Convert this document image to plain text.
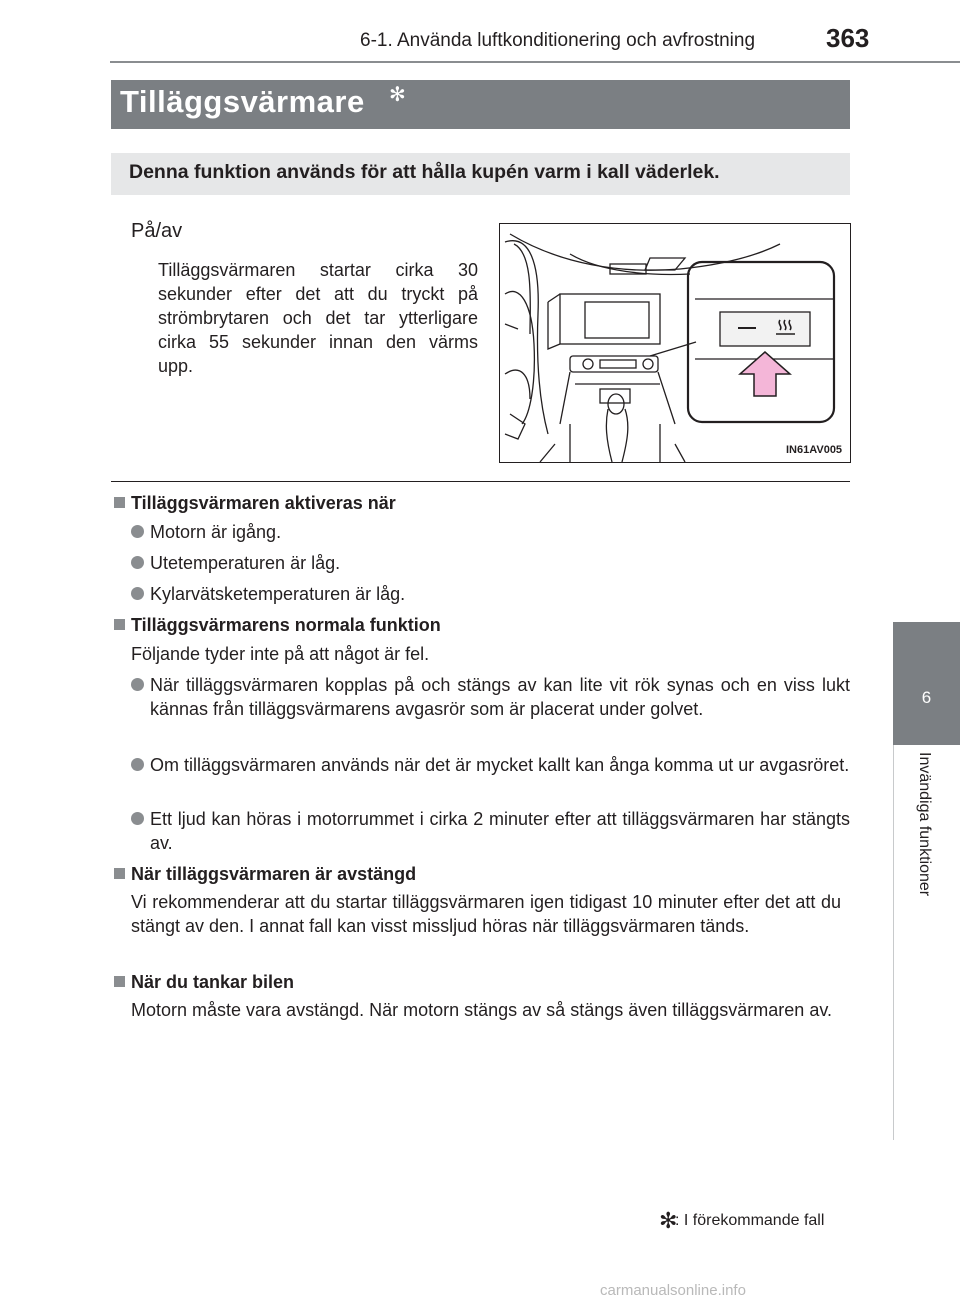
6-1. Använda luftkonditionering och avfrostning	363
6
Invändiga funktioner
Tilläggsvärmare ✻
Denna funktion används för att hålla kupén varm i kall väderlek.
På/av
Tilläggsvärmaren startar cirka 30 sekunder efter det att du tryckt på strömbrytaren och det tar ytterligare cirka 55 sekunder innan den värms upp.
IN61AV005
Tilläggsvärmaren aktiveras när
Motorn är igång.
Utetemperaturen är låg.
Kylarvätsketemperaturen är låg.
Tilläggsvärmarens normala funktion
Följande tyder inte på att något är fel.
När tilläggsvärmaren kopplas på och stängs av kan lite vit rök synas och en viss lukt kännas från tilläggsvärmarens avgasrör som är placerat under golvet.
Om tilläggsvärmaren används när det är mycket kallt kan ånga komma ut ur avgasröret.
Ett ljud kan höras i motorrummet i cirka 2 minuter efter att tilläggsvärmaren har stängts av.
När tilläggsvärmaren är avstängd
Vi rekommenderar att du startar tilläggsvärmaren igen tidigast 10 minuter efter det att du stängt av den. I annat fall kan visst missljud höras när tilläggsvärmaren tänds.
När du tankar bilen
Motorn måste vara avstängd. När motorn stängs av så stängs även tilläggsvärmaren av.
✻
: I förekommande fall
carmanualsonline.info
